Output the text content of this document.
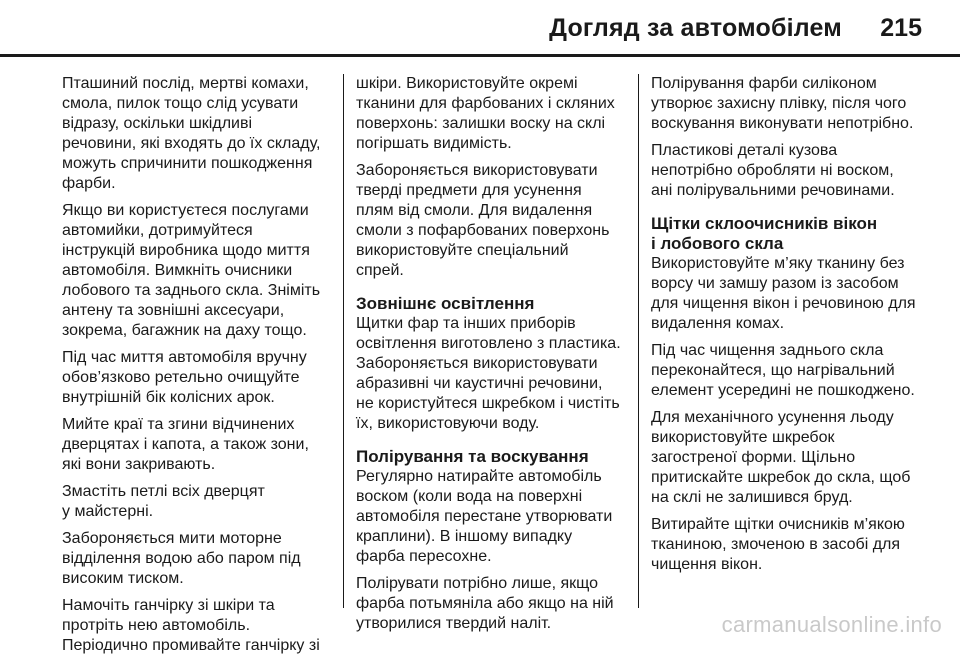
Догляд за автомобілем 215

Пташиний послід, мертві комахи,
смола, пилок тощо слід усувати
відразу, оскільки шкідливі
речовини, які входять до їх складу,
можуть спричинити пошкодження
фарби.

Якщо ви користуєтеся послугами
автомийки, дотримуйтеся
інструкцій виробника щодо миття
автомобіля. Вимкніть очисники
лобового та заднього скла. Зніміть
антену та зовнішні аксесуари,
зокрема, багажник на даху тощо.

Під час миття автомобіля вручну
обов’язково ретельно очищуйте
внутрішній бік колісних арок.

Мийте краї та згини відчинених
дверцятах і капота, а також зони,
які вони закривають.

Змастіть петлі всіх дверцят
у майстерні.

Забороняється мити моторне
відділення водою або паром під
високим тиском.

Намочіть ганчірку зі шкіри та
протріть нею автомобіль.
Періодично промивайте ганчірку зі

шкіри. Використовуйте окремі
тканини для фарбованих і скляних
поверхонь: залишки воску на склі
погіршать видимість.

Забороняється використовувати
тверді предмети для усунення
плям від смоли. Для видалення
смоли з пофарбованих поверхонь
використовуйте спеціальний
спрей.

Зовнішнє освітлення

Щитки фар та інших приборів
освітлення виготовлено з пластика.
Забороняється використовувати
абразивні чи каустичні речовини,
не користуйтеся шкребком і чистіть
їх, використовуючи воду.

Полірування та воскування

Регулярно натирайте автомобіль
воском (коли вода на поверхні
автомобіля перестане утворювати
краплини). В іншому випадку
фарба пересохне.

Полірувати потрібно лише, якщо
фарба потьмяніла або якщо на ній
утворилися твердий наліт.

Полірування фарби силіконом
утворює захисну плівку, після чого
воскування виконувати непотрібно.

Пластикові деталі кузова
непотрібно обробляти ні воском,
ані полірувальними речовинами.

Щітки склоочисників вікон
і лобового скла

Використовуйте м’яку тканину без
ворсу чи замшу разом із засобом
для чищення вікон і речовиною для
видалення комах.

Під час чищення заднього скла
переконайтеся, що нагрівальний
елемент усередині не пошкоджено.

Для механічного усунення льоду
використовуйте шкребок
загостреної форми. Щільно
притискайте шкребок до скла, щоб
на склі не залишився бруд.

Витирайте щітки очисників м’якою
тканиною, змоченою в засобі для
чищення вікон.

carmanualsonline.info
